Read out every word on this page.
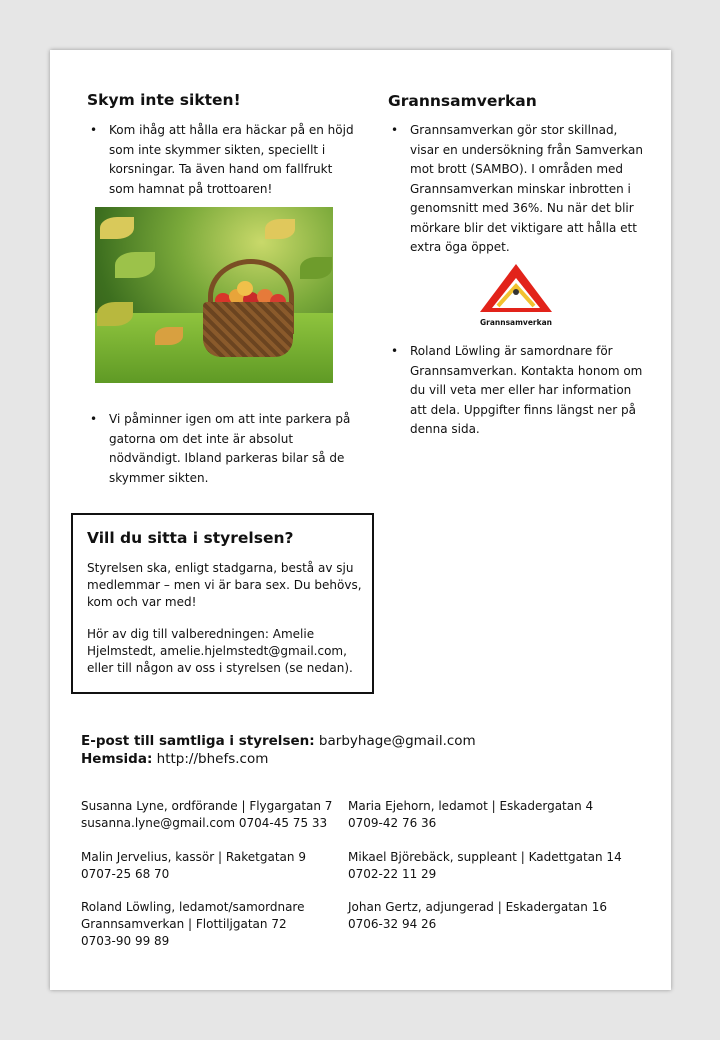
Skym inte sikten!
• Kom ihåg att hålla era häckar på en höjd som inte skymmer sikten, speciellt i korsningar. Ta även hand om fallfrukt som hamnat på trottoaren!
• Vi påminner igen om att inte parkera på gatorna om det inte är absolut nödvändigt. Ibland parkeras bilar så de skymmer sikten.
Grannsamverkan
• Grannsamverkan gör stor skillnad, visar en undersökning från Samverkan mot brott (SAMBO). I områden med Grannsamverkan minskar inbrotten i genomsnitt med 36%. Nu när det blir mörkare blir det viktigare att hålla ett extra öga öppet.
Grannsamverkan
• Roland Löwling är samordnare för Grannsamverkan. Kontakta honom om du vill veta mer eller har information att dela. Uppgifter finns längst ner på denna sida.
Vill du sitta i styrelsen?

Styrelsen ska, enligt stadgarna, bestå av sju medlemmar – men vi är bara sex. Du behövs, kom och var med!

Hör av dig till valberedningen: Amelie Hjelmstedt, amelie.hjelmstedt@gmail.com, eller till någon av oss i styrelsen (se nedan).

E-post till samtliga i styrelsen: barbyhage@gmail.com
Hemsida: http://bhefs.com
Susanna Lyne, ordförande | Flygargatan 7
susanna.lyne@gmail.com 0704-45 75 33
Maria Ejehorn, ledamot | Eskadergatan 4
0709-42 76 36
Malin Jervelius, kassör | Raketgatan 9
0707-25 68 70
Mikael Björebäck, suppleant | Kadettgatan 14
0702-22 11 29
Roland Löwling, ledamot/samordnare
Grannsamverkan | Flottiljgatan 72
0703-90 99 89
Johan Gertz, adjungerad | Eskadergatan 16
0706-32 94 26
